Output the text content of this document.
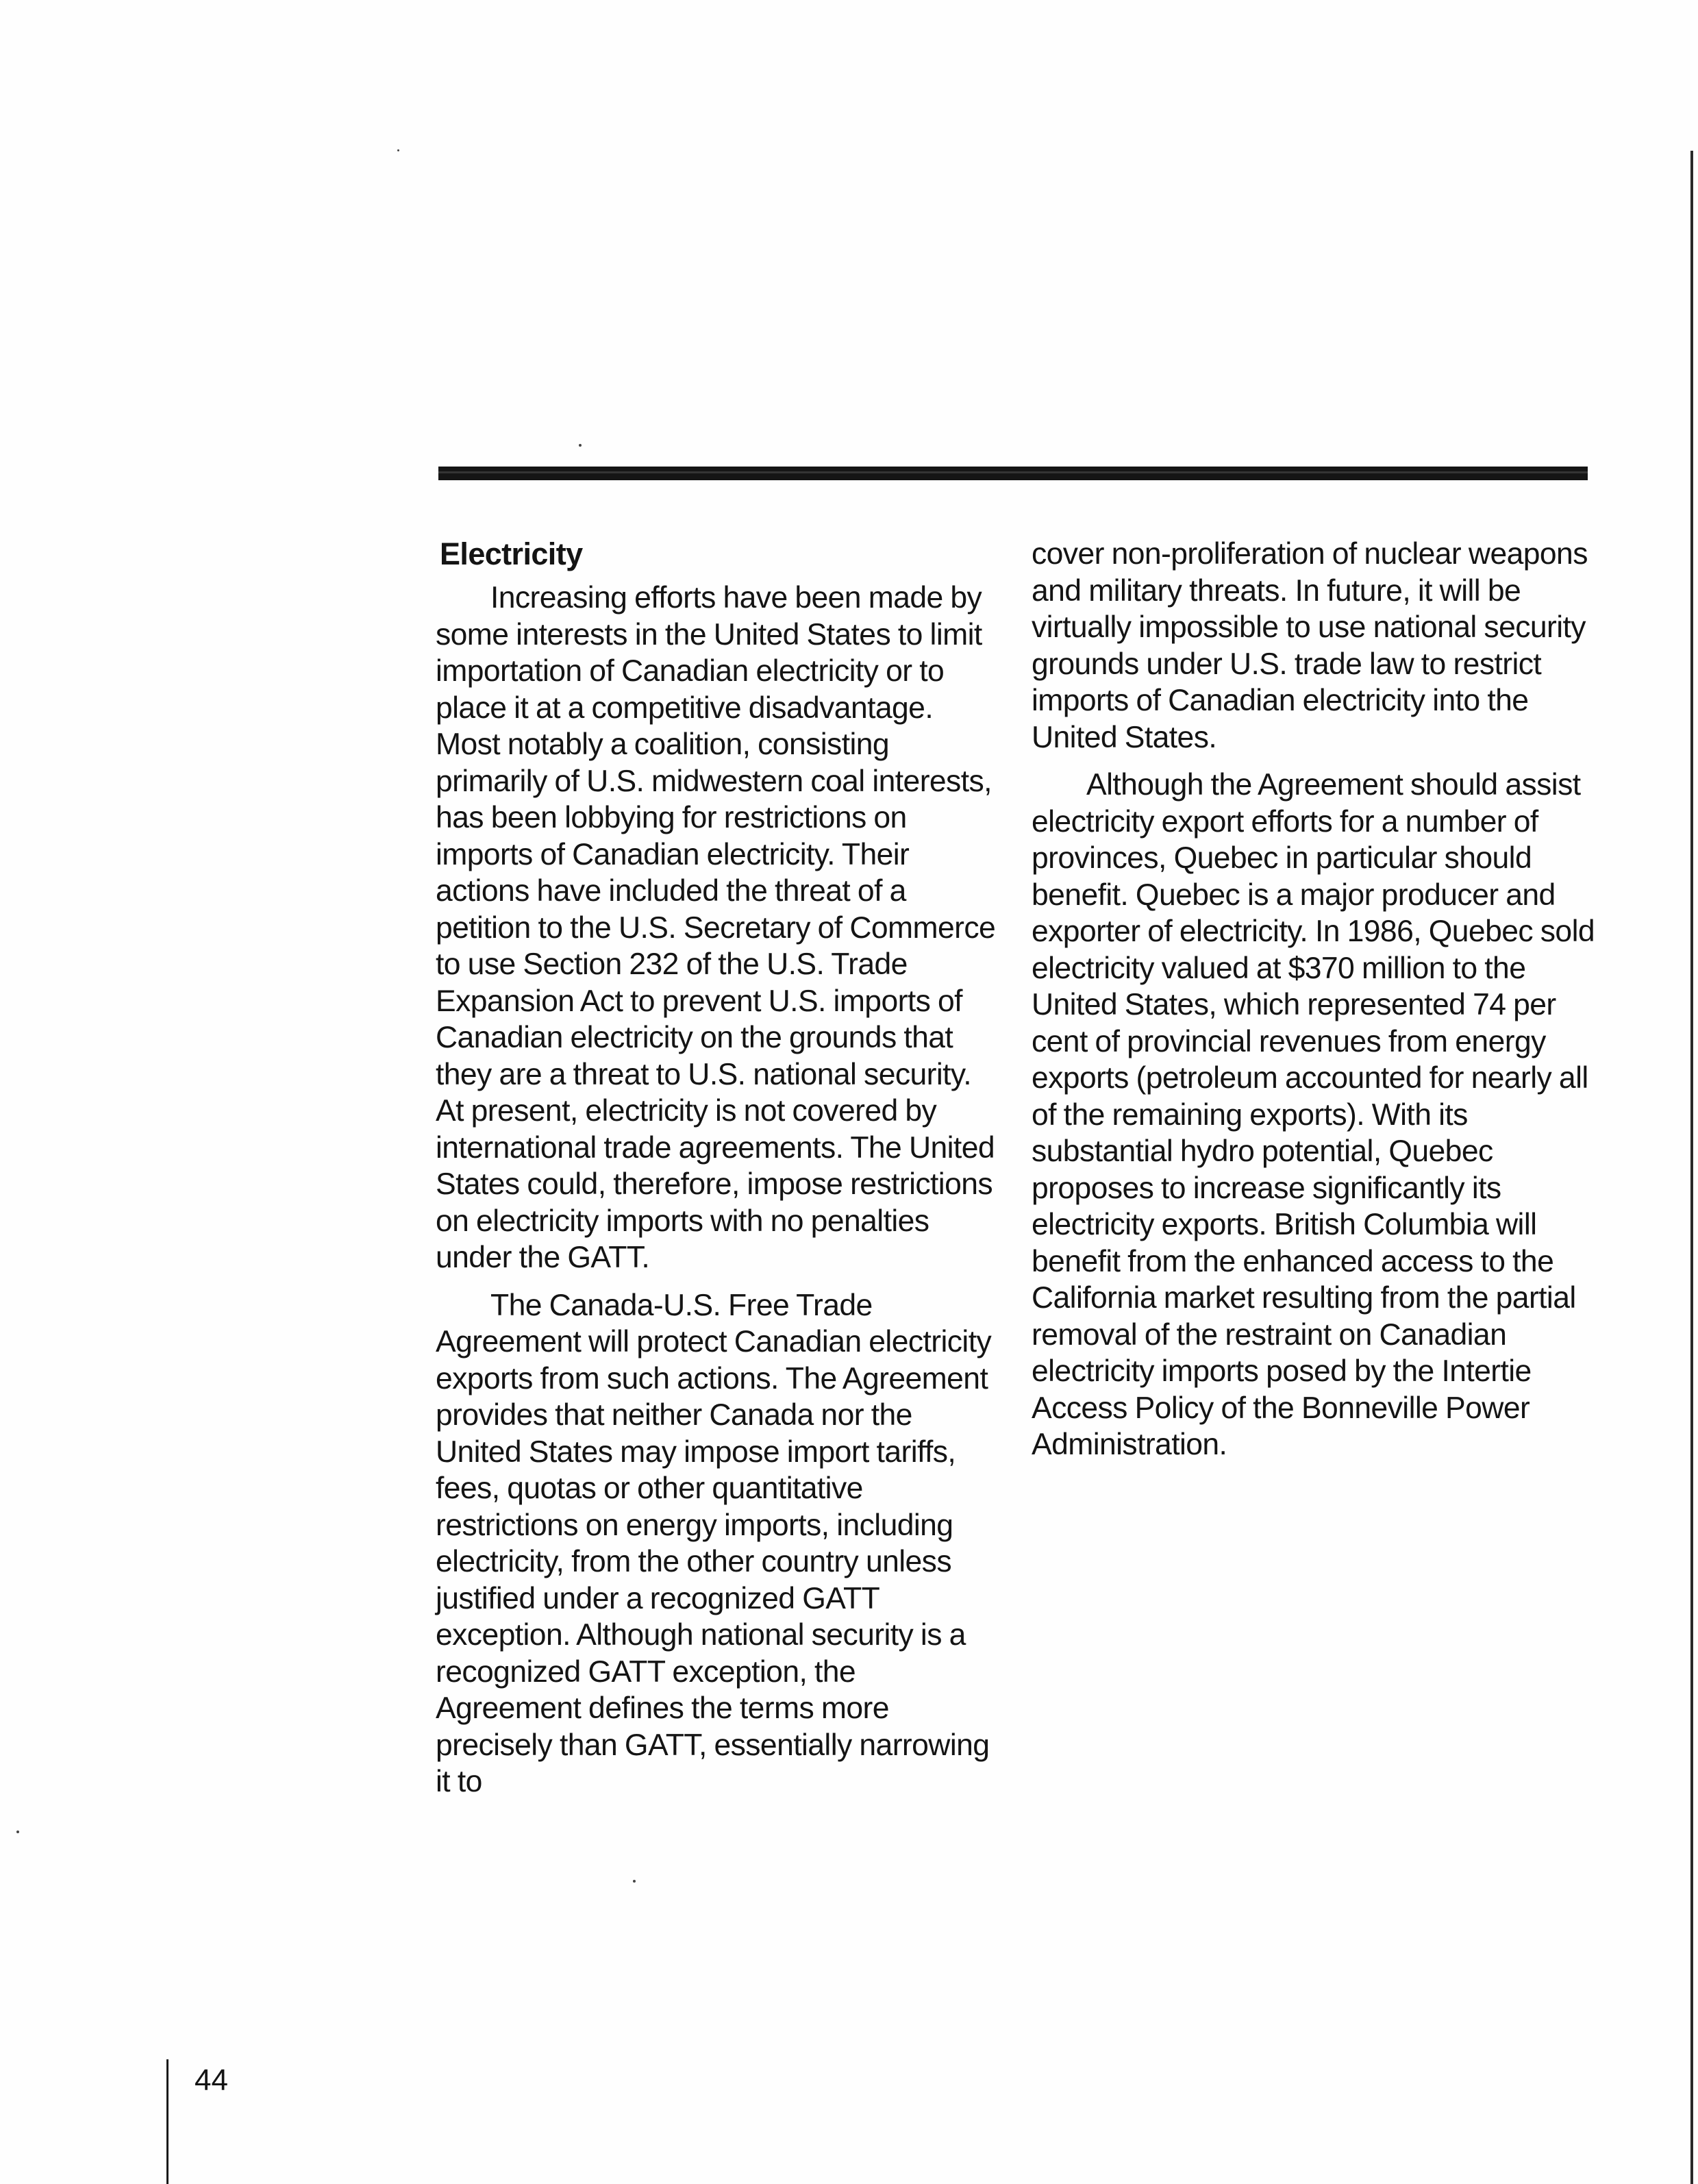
Electricity

Increasing efforts have been made by some interests in the United States to limit importation of Canadian electricity or to place it at a competitive disadvantage. Most notably a coalition, consisting primarily of U.S. midwestern coal interests, has been lobbying for restrictions on imports of Canadian electricity. Their actions have included the threat of a petition to the U.S. Secretary of Commerce to use Section 232 of the U.S. Trade Expansion Act to prevent U.S. imports of Canadian electricity on the grounds that they are a threat to U.S. national security. At present, electricity is not covered by international trade agreements. The United States could, therefore, impose restrictions on electricity imports with no penalties under the GATT.

The Canada-U.S. Free Trade Agreement will protect Canadian electricity exports from such actions. The Agreement provides that neither Canada nor the United States may impose import tariffs, fees, quotas or other quantitative restrictions on energy imports, including electricity, from the other country unless justified under a recognized GATT exception. Although national security is a recognized GATT exception, the Agreement defines the terms more precisely than GATT, essentially narrowing it to

cover non-proliferation of nuclear weapons and military threats. In future, it will be virtually impossible to use national security grounds under U.S. trade law to restrict imports of Canadian electricity into the United States.

Although the Agreement should assist electricity export efforts for a number of provinces, Quebec in particular should benefit. Quebec is a major producer and exporter of electricity. In 1986, Quebec sold electricity valued at $370 million to the United States, which represented 74 per cent of provincial revenues from energy exports (petroleum accounted for nearly all of the remaining exports). With its substantial hydro potential, Quebec proposes to increase significantly its electricity exports. British Columbia will benefit from the enhanced access to the California market resulting from the partial removal of the restraint on Canadian electricity imports posed by the Intertie Access Policy of the Bonneville Power Administration.

44
